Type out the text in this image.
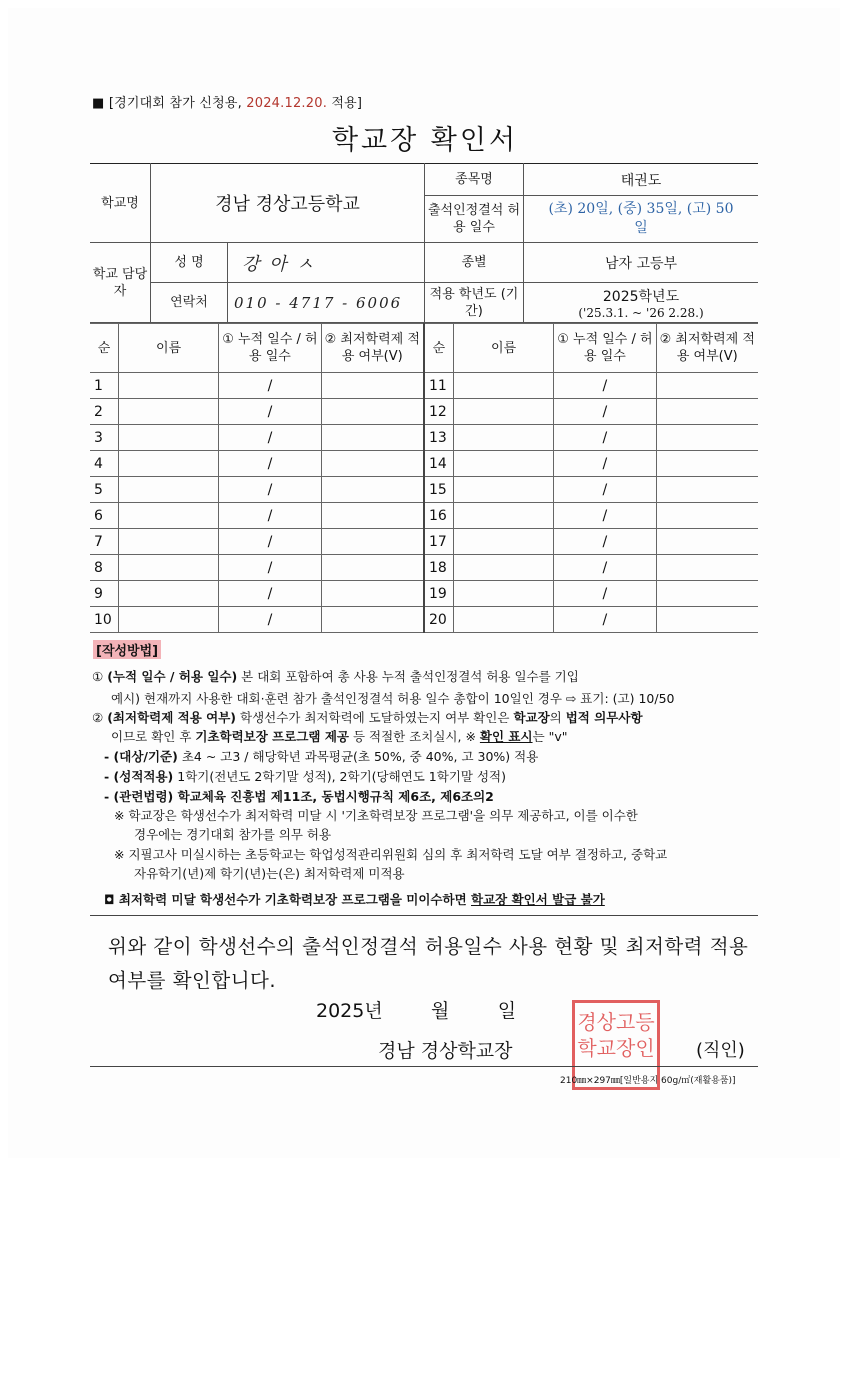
■ [경기대회 참가 신청용, 2024.12.20. 적용]
학교장 확인서
학교명	경남 경상고등학교		종목명	태권도
			출석인정결석 허용 일수	(초) 20일, (중) 35일, (고) 50일
학교 담당자	성 명	강 아 ㅅ	종별	남자 고등부
	연락처	010 - 4717 - 6006	적용 학년도 (기간)	2025학년도
('25.3.1. ~ '26 2.28.)
순	이름	① 누적 일수 / 허용 일수	② 최저학력제 적용 여부(V)	순	이름	① 누적 일수 / 허용 일수	② 최저학력제 적용 여부(V)
1		/		11		/	
2		/		12		/	
3		/		13		/	
4		/		14		/	
5		/		15		/	
6		/		16		/	
7		/		17		/	
8		/		18		/	
9		/		19		/	
10		/		20		/	
[작성방법]
① (누적 일수 / 허용 일수) 본 대회 포함하여 총 사용 누적 출석인정결석 허용 일수를 기입
예시) 현재까지 사용한 대회·훈련 참가 출석인정결석 허용 일수 총합이 10일인 경우 ⇨ 표기: (고) 10/50
② (최저학력제 적용 여부) 학생선수가 최저학력에 도달하였는지 여부 확인은 학교장의 법적 의무사항
이므로 확인 후 기초학력보장 프로그램 제공 등 적절한 조치실시, ※ 확인 표시는 "v"
- (대상/기준) 초4 ~ 고3 / 해당학년 과목평균(초 50%, 중 40%, 고 30%) 적용
- (성적적용) 1학기(전년도 2학기말 성적), 2학기(당해연도 1학기말 성적)
- (관련법령) 학교체육 진흥법 제11조, 동법시행규칙 제6조, 제6조의2
※ 학교장은 학생선수가 최저학력 미달 시 '기초학력보장 프로그램'을 의무 제공하고, 이를 이수한
경우에는 경기대회 참가를 의무 허용
※ 지필고사 미실시하는 초등학교는 학업성적관리위원회 심의 후 최저학력 도달 여부 결정하고, 중학교
자유학기(년)제 학기(년)는(은) 최저학력제 미적용
◘ 최저학력 미달 학생선수가 기초학력보장 프로그램을 미이수하면 학교장 확인서 발급 불가
위와 같이 학생선수의 출석인정결석 허용일수 사용 현황 및 최저학력 적용 여부를 확인합니다.
2025년        월        일	경상고등 학교장인
경남 경상학교장	(직인)
210㎜×297㎜[일반용지 60g/㎡(재활용품)]
